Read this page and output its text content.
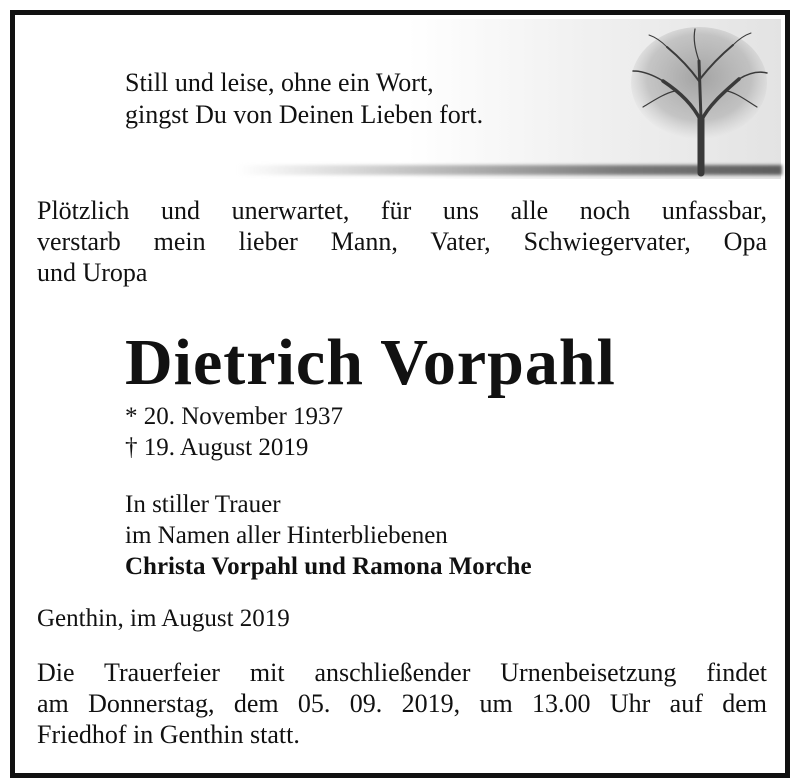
Still und leise, ohne ein Wort,
gingst Du von Deinen Lieben fort.
Plötzlich und unerwartet, für uns alle noch unfassbar,
verstarb mein lieber Mann, Vater, Schwiegervater, Opa
und Uropa
Dietrich Vorpahl
* 20. November 1937
† 19. August 2019
In stiller Trauer
im Namen aller Hinterbliebenen
Christa Vorpahl und Ramona Morche
Genthin, im August 2019
Die Trauerfeier mit anschließender Urnenbeisetzung findet
am Donnerstag, dem 05. 09. 2019, um 13.00 Uhr auf dem
Friedhof in Genthin statt.
